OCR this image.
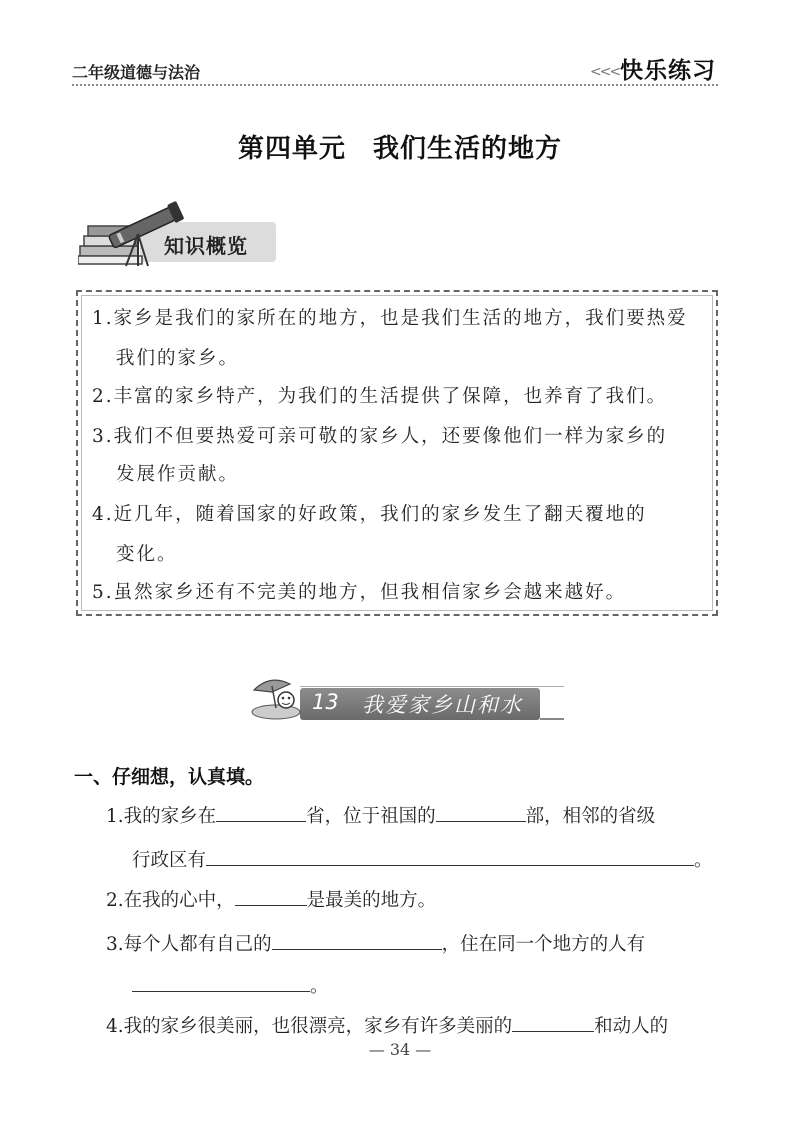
二年级道德与法治	<<< 快乐练习
第四单元　我们生活的地方
知识概览
1.家乡是我们的家所在的地方，也是我们生活的地方，我们要热爱
我们的家乡。
2.丰富的家乡特产，为我们的生活提供了保障，也养育了我们。
3.我们不但要热爱可亲可敬的家乡人，还要像他们一样为家乡的
发展作贡献。
4.近几年，随着国家的好政策，我们的家乡发生了翻天覆地的
变化。
5.虽然家乡还有不完美的地方，但我相信家乡会越来越好。
13 我爱家乡山和水
一、仔细想，认真填。
1.我的家乡在	省，位于祖国的	部，相邻的省级
行政区有	。
2.在我的心中，	是最美的地方。
3.每个人都有自己的	，住在同一个地方的人有
。
4.我的家乡很美丽，也很漂亮，家乡有许多美丽的	和动人的
— 34 —
